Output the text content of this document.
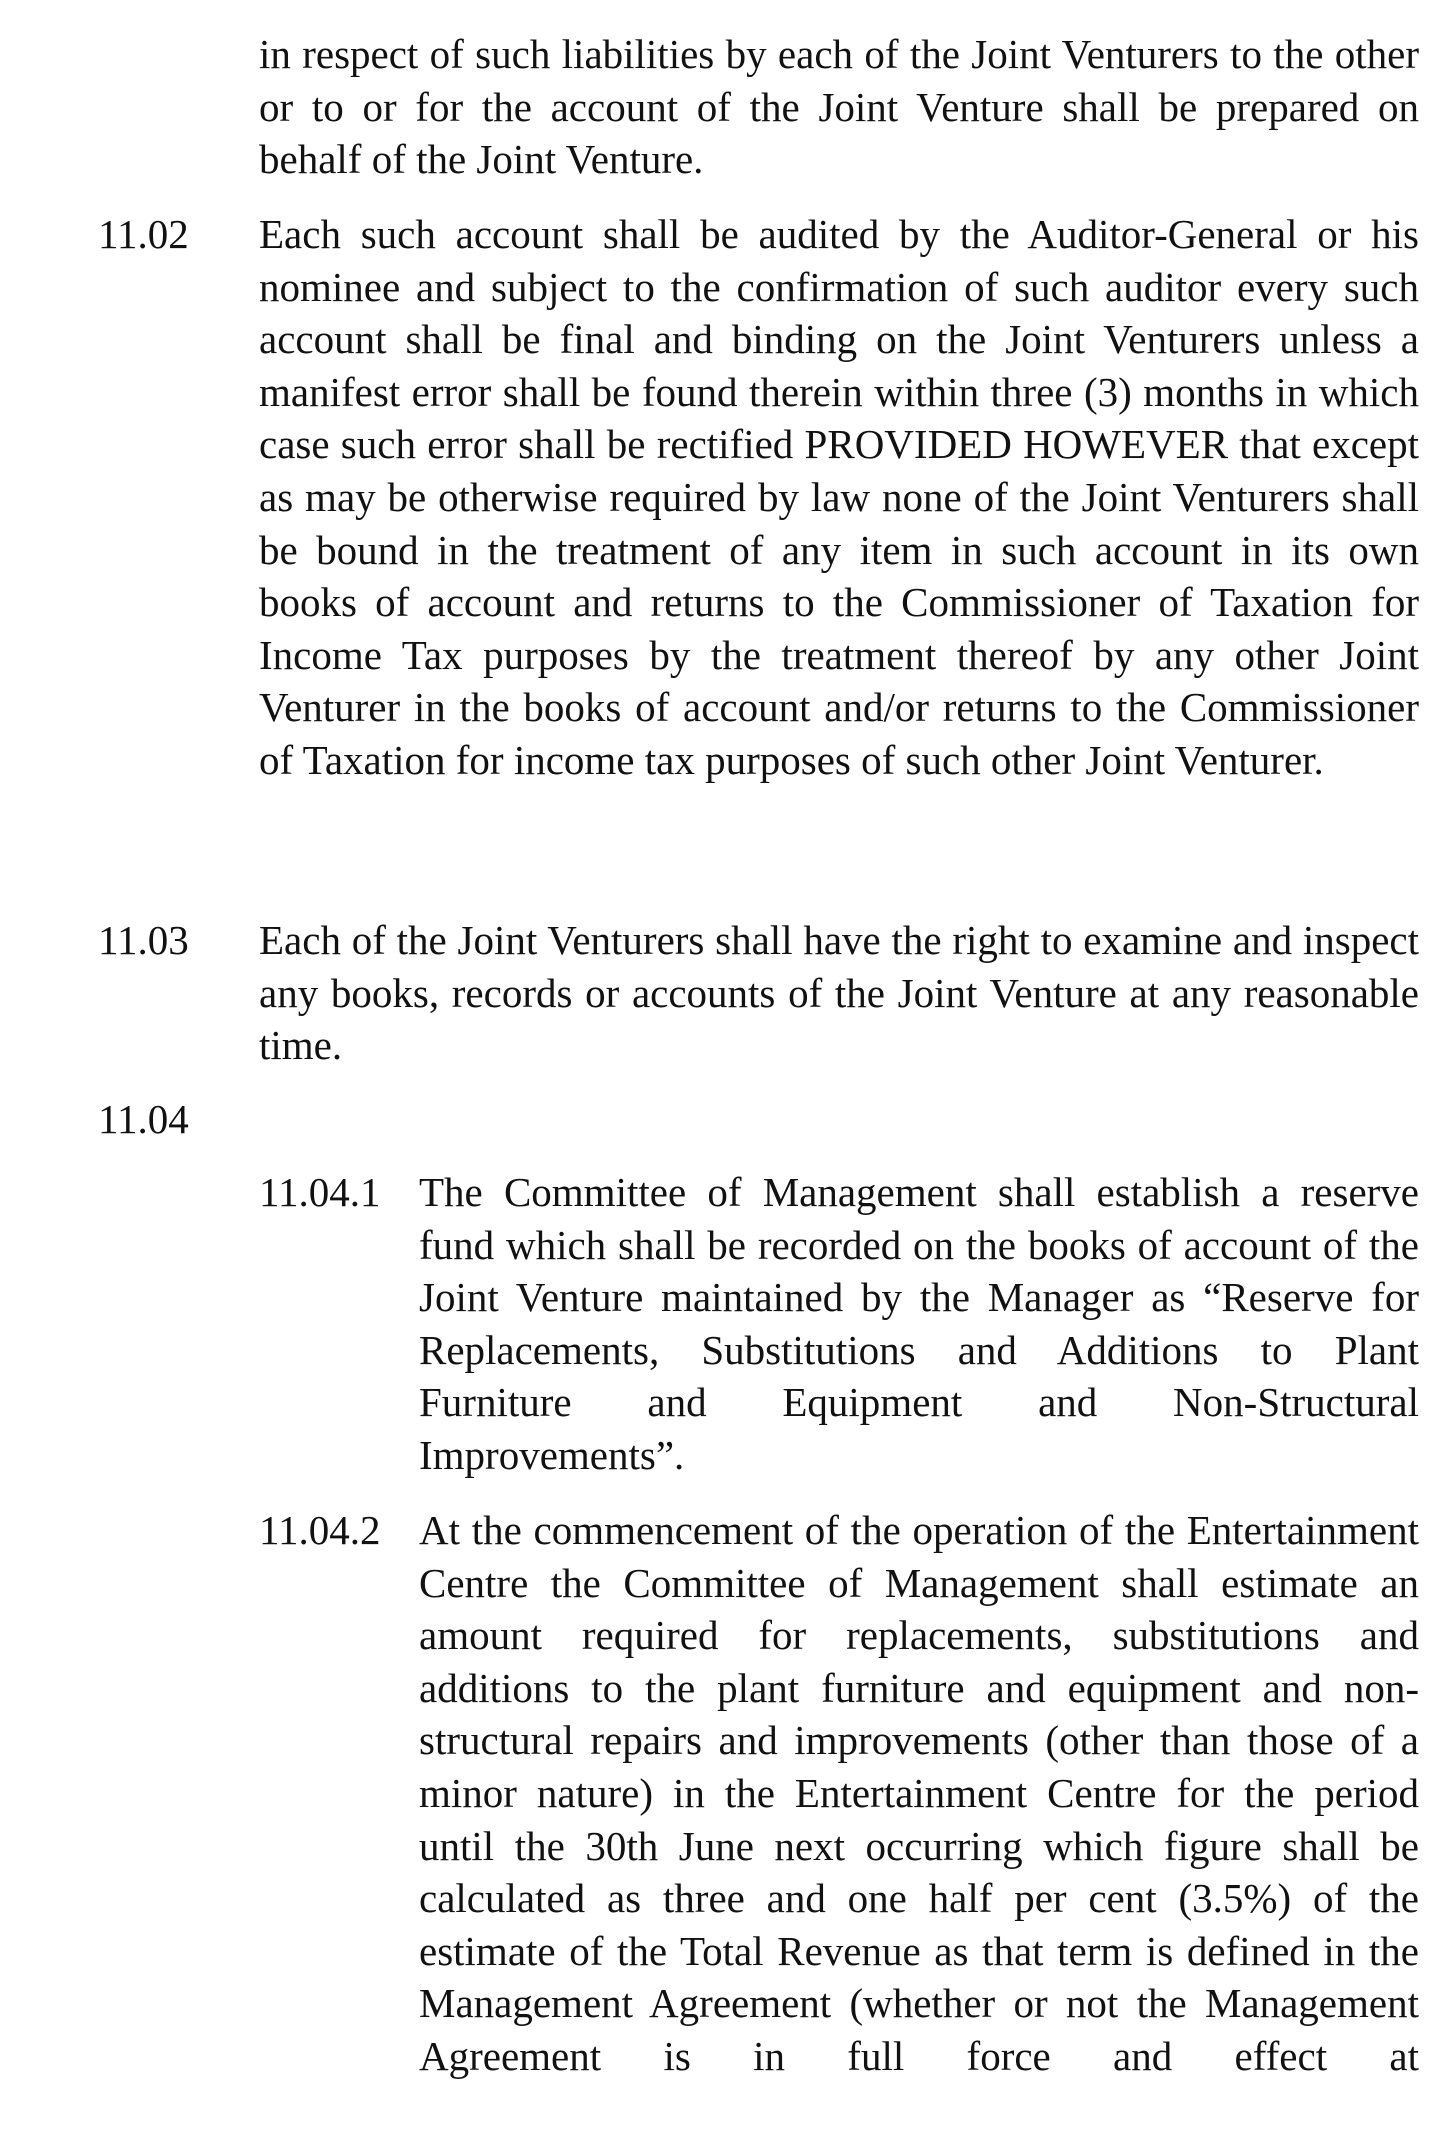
in respect of such liabilities by each of the Joint Venturers to the other or to or for the account of the Joint Venture shall be prepared on behalf of the Joint Venture.

11.02 Each such account shall be audited by the Auditor-General or his nominee and subject to the confirmation of such auditor every such account shall be final and binding on the Joint Venturers unless a manifest error shall be found therein within three (3) months in which case such error shall be rectified PROVIDED HOWEVER that except as may be otherwise required by law none of the Joint Venturers shall be bound in the treatment of any item in such account in its own books of account and returns to the Commissioner of Taxation for Income Tax purposes by the treatment thereof by any other Joint Venturer in the books of account and/or returns to the Commissioner of Taxation for income tax purposes of such other Joint Venturer.

11.03 Each of the Joint Venturers shall have the right to examine and inspect any books, records or accounts of the Joint Venture at any reasonable time.

11.04

11.04.1 The Committee of Management shall establish a reserve fund which shall be recorded on the books of account of the Joint Venture maintained by the Manager as “Reserve for Replacements, Substitutions and Additions to Plant Furniture and Equipment and Non-Structural Improvements”.

11.04.2 At the commencement of the operation of the Entertainment Centre the Committee of Management shall estimate an amount required for replacements, substitutions and additions to the plant furniture and equipment and non-structural repairs and improvements (other than those of a minor nature) in the Entertainment Centre for the period until the 30th June next occurring which figure shall be calculated as three and one half per cent (3.5%) of the estimate of the Total Revenue as that term is defined in the Management Agreement (whether or not the Management Agreement is in full force and effect at
